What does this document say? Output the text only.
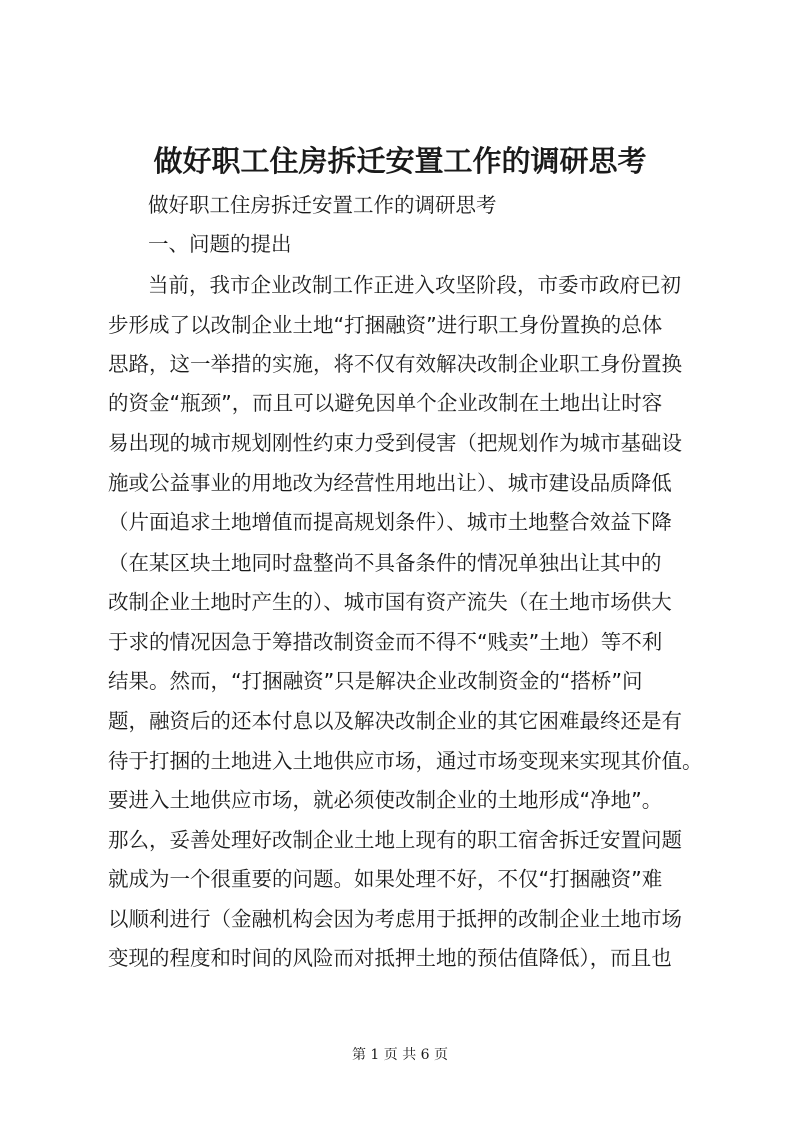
做好职工住房拆迁安置工作的调研思考

做好职工住房拆迁安置工作的调研思考

一、问题的提出

当前，我市企业改制工作正进入攻坚阶段，市委市政府已初

步形成了以改制企业土地“打捆融资”进行职工身份置换的总体

思路，这一举措的实施，将不仅有效解决改制企业职工身份置换

的资金“瓶颈”，而且可以避免因单个企业改制在土地出让时容

易出现的城市规划刚性约束力受到侵害（把规划作为城市基础设

施或公益事业的用地改为经营性用地出让）、城市建设品质降低

（片面追求土地增值而提高规划条件）、城市土地整合效益下降

（在某区块土地同时盘整尚不具备条件的情况单独出让其中的

改制企业土地时产生的）、城市国有资产流失（在土地市场供大

于求的情况因急于筹措改制资金而不得不“贱卖”土地）等不利

结果。然而，“打捆融资”只是解决企业改制资金的“搭桥”问

题，融资后的还本付息以及解决改制企业的其它困难最终还是有

待于打捆的土地进入土地供应市场，通过市场变现来实现其价值。

要进入土地供应市场，就必须使改制企业的土地形成“净地”。

那么，妥善处理好改制企业土地上现有的职工宿舍拆迁安置问题

就成为一个很重要的问题。如果处理不好，不仅“打捆融资”难

以顺利进行（金融机构会因为考虑用于抵押的改制企业土地市场

变现的程度和时间的风险而对抵押土地的预估值降低），而且也

第 1 页 共 6 页
